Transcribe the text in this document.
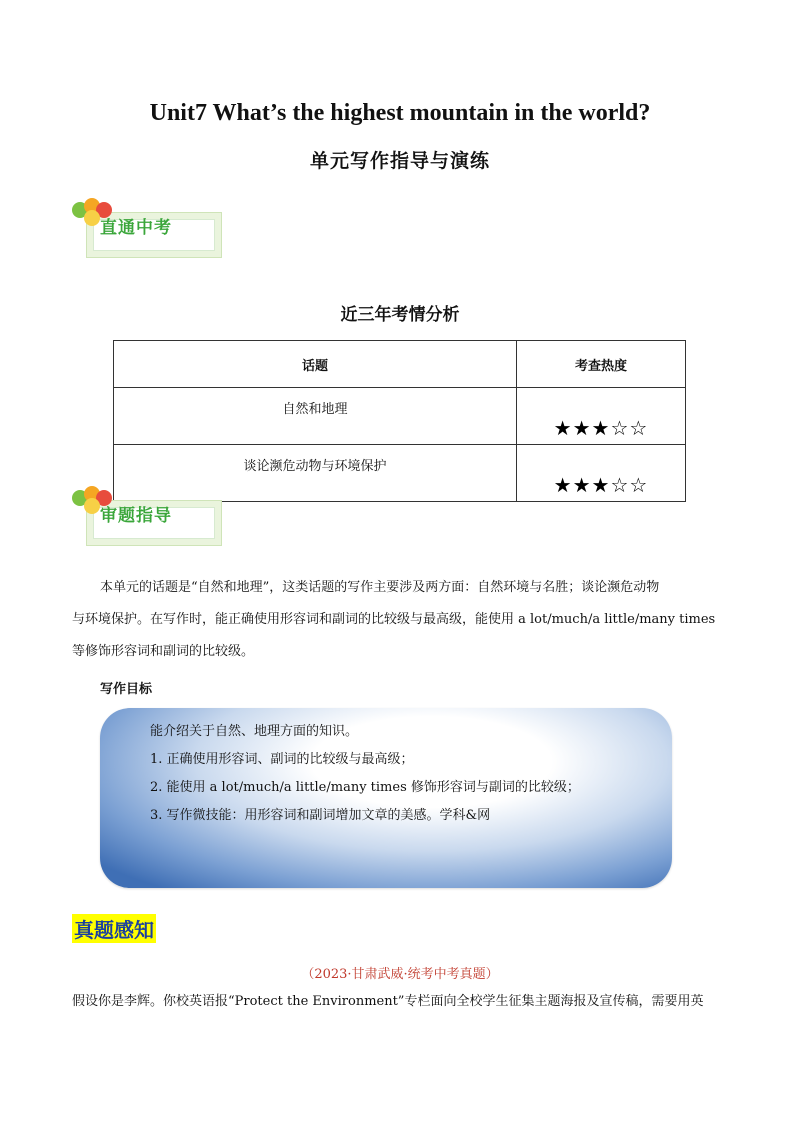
Unit7 What’s the highest mountain in the world?
单元写作指导与演练
直通中考
近三年考情分析
话题	考查热度
自然和地理	★★★☆☆
谈论濒危动物与环境保护	★★★☆☆
审题指导
本单元的话题是“自然和地理”，这类话题的写作主要涉及两方面：自然环境与名胜；谈论濒危动物
与环境保护。在写作时，能正确使用形容词和副词的比较级与最高级，能使用 a lot/much/a little/many times
等修饰形容词和副词的比较级。
写作目标
能介绍关于自然、地理方面的知识。
1. 正确使用形容词、副词的比较级与最高级；
2. 能使用 a lot/much/a little/many times 修饰形容词与副词的比较级；
3. 写作微技能：用形容词和副词增加文章的美感。学科&网
真题感知
（2023·甘肃武威·统考中考真题）
假设你是李辉。你校英语报“Protect the Environment”专栏面向全校学生征集主题海报及宣传稿，需要用英
